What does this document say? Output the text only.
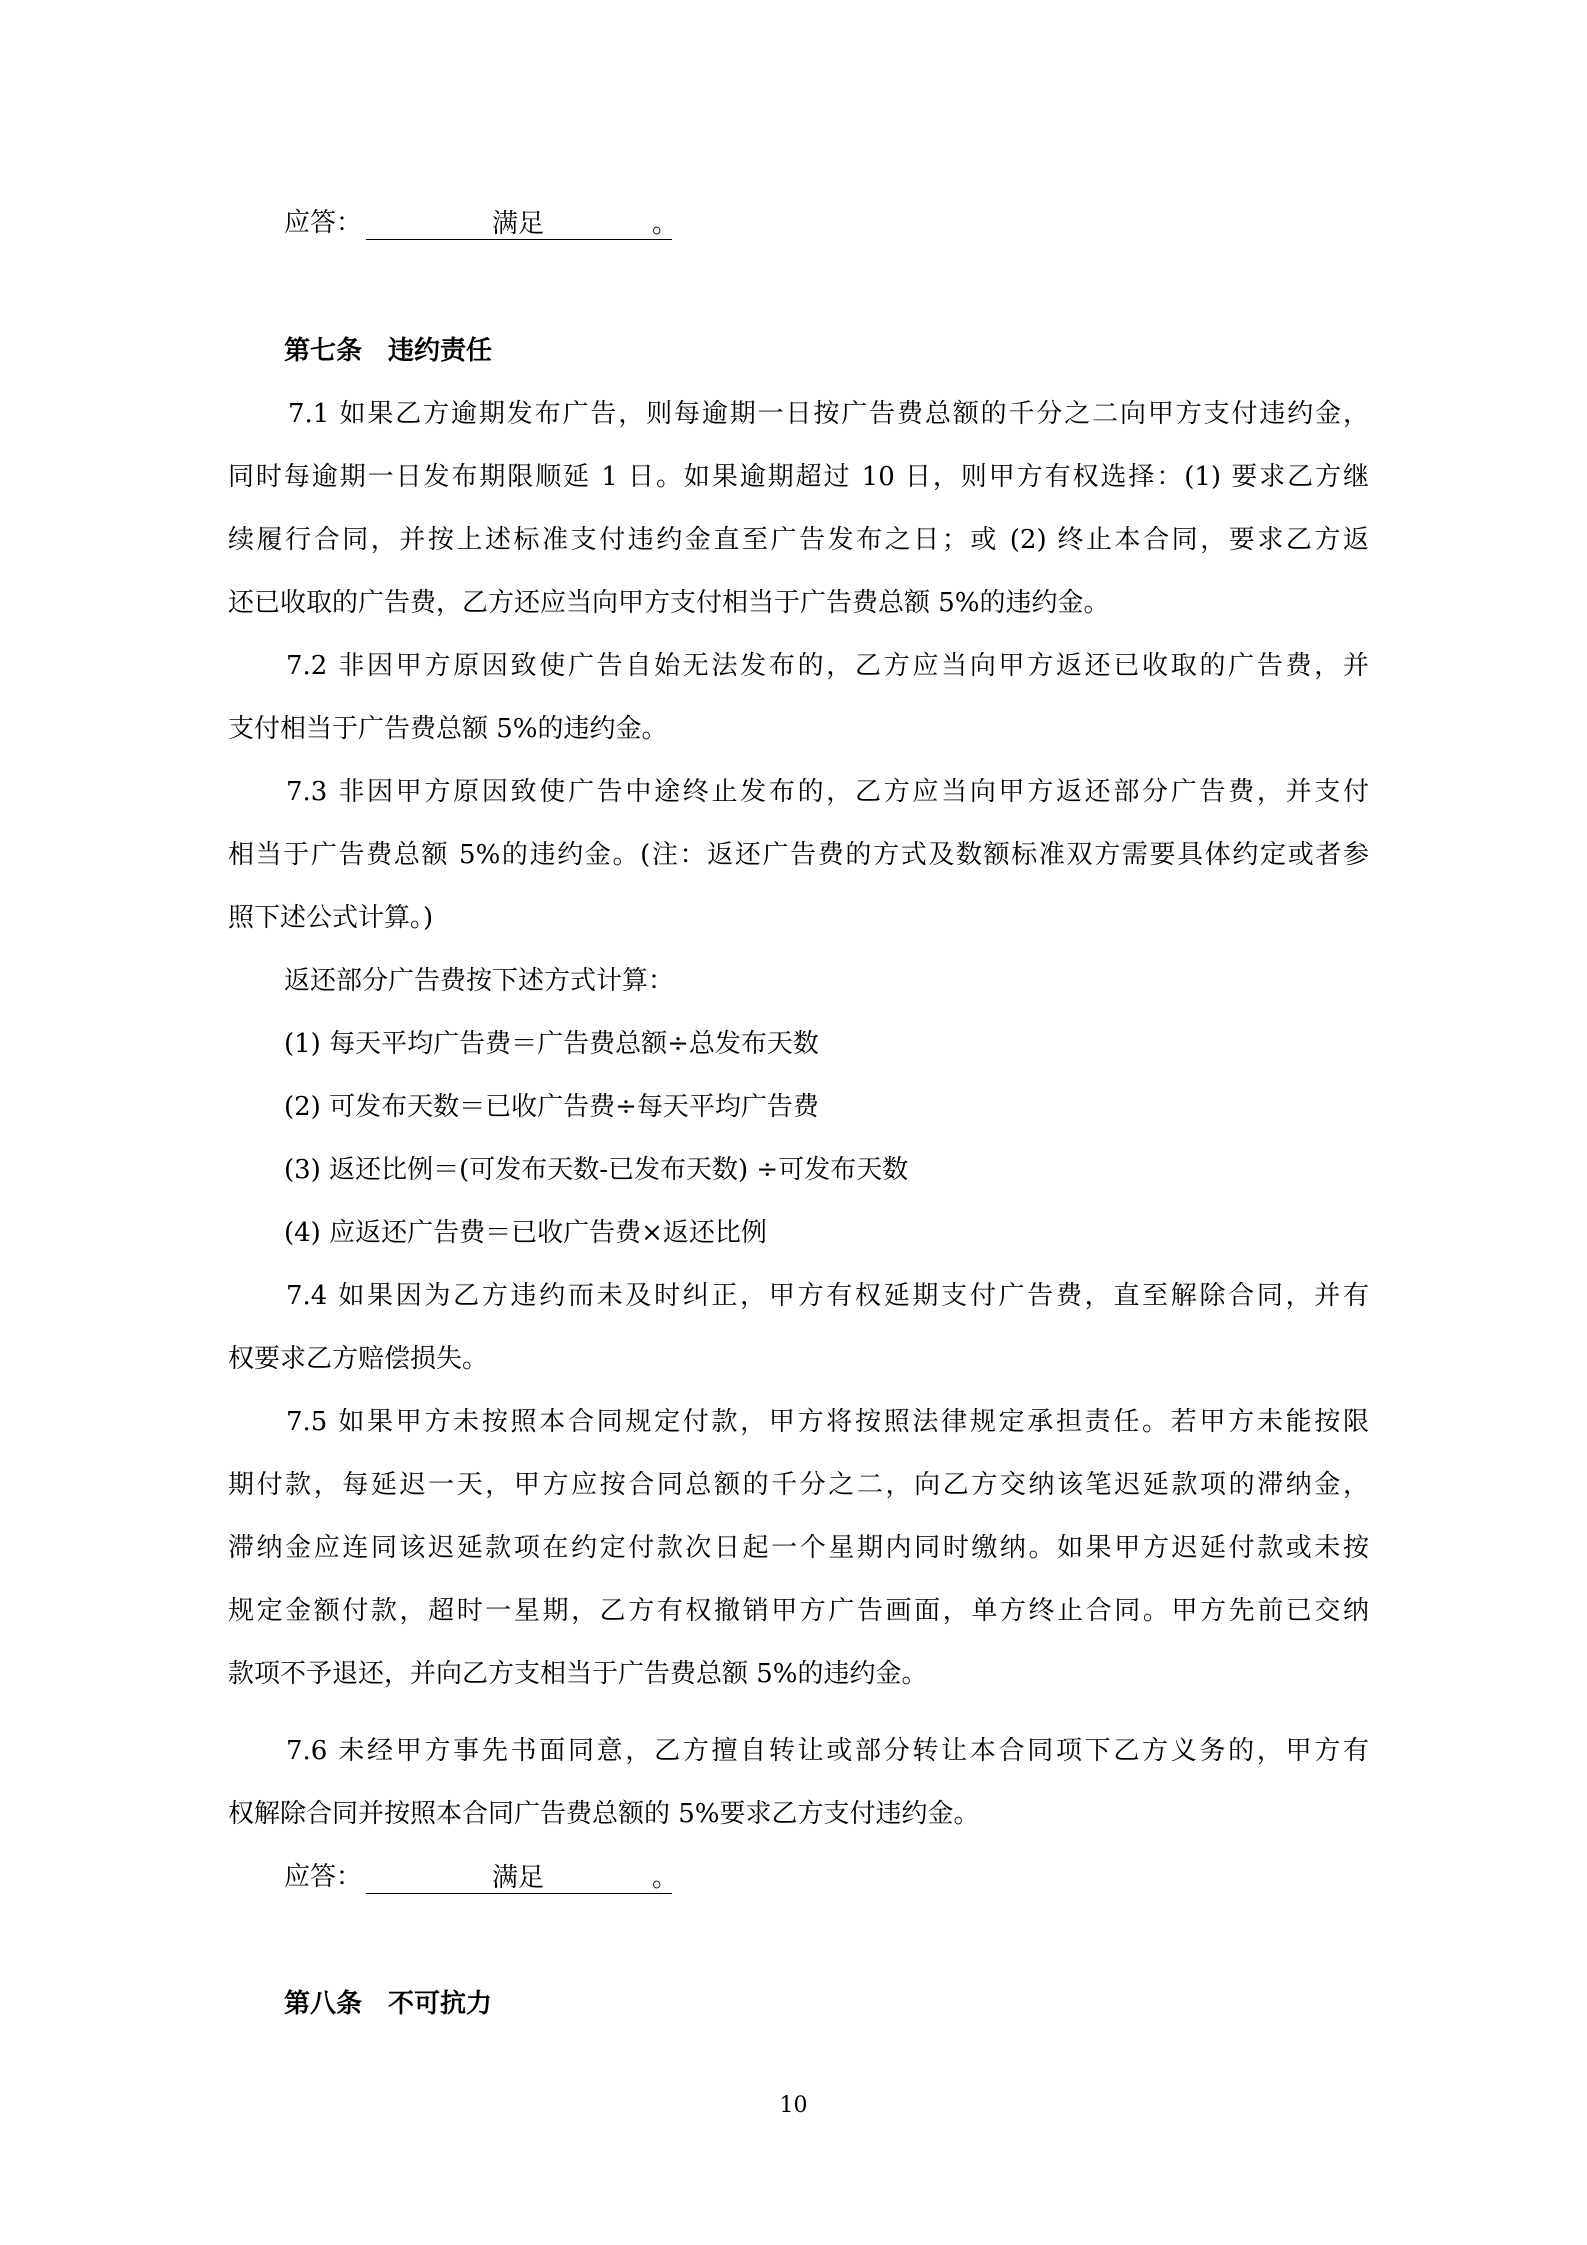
应答：	满足	。
第七条　违约责任
7.1 如果乙方逾期发布广告，则每逾期一日按广告费总额的千分之二向甲方支付违约金，
同时每逾期一日发布期限顺延 1 日。如果逾期超过 10 日，则甲方有权选择：(1) 要求乙方继
续履行合同，并按上述标准支付违约金直至广告发布之日；或 (2) 终止本合同，要求乙方返
还已收取的广告费，乙方还应当向甲方支付相当于广告费总额 5%的违约金。
7.2 非因甲方原因致使广告自始无法发布的，乙方应当向甲方返还已收取的广告费，并
支付相当于广告费总额 5%的违约金。
7.3 非因甲方原因致使广告中途终止发布的，乙方应当向甲方返还部分广告费，并支付
相当于广告费总额 5%的违约金。(注：返还广告费的方式及数额标准双方需要具体约定或者参
照下述公式计算。)
返还部分广告费按下述方式计算：
(1) 每天平均广告费＝广告费总额÷总发布天数
(2) 可发布天数＝已收广告费÷每天平均广告费
(3) 返还比例＝(可发布天数-已发布天数) ÷可发布天数
(4) 应返还广告费＝已收广告费×返还比例
7.4 如果因为乙方违约而未及时纠正，甲方有权延期支付广告费，直至解除合同，并有
权要求乙方赔偿损失。
7.5 如果甲方未按照本合同规定付款，甲方将按照法律规定承担责任。若甲方未能按限
期付款，每延迟一天，甲方应按合同总额的千分之二，向乙方交纳该笔迟延款项的滞纳金，
滞纳金应连同该迟延款项在约定付款次日起一个星期内同时缴纳。如果甲方迟延付款或未按
规定金额付款，超时一星期，乙方有权撤销甲方广告画面，单方终止合同。甲方先前已交纳
款项不予退还，并向乙方支相当于广告费总额 5%的违约金。
7.6 未经甲方事先书面同意，乙方擅自转让或部分转让本合同项下乙方义务的，甲方有
权解除合同并按照本合同广告费总额的 5%要求乙方支付违约金。
应答：	满足	。
第八条　不可抗力
10
